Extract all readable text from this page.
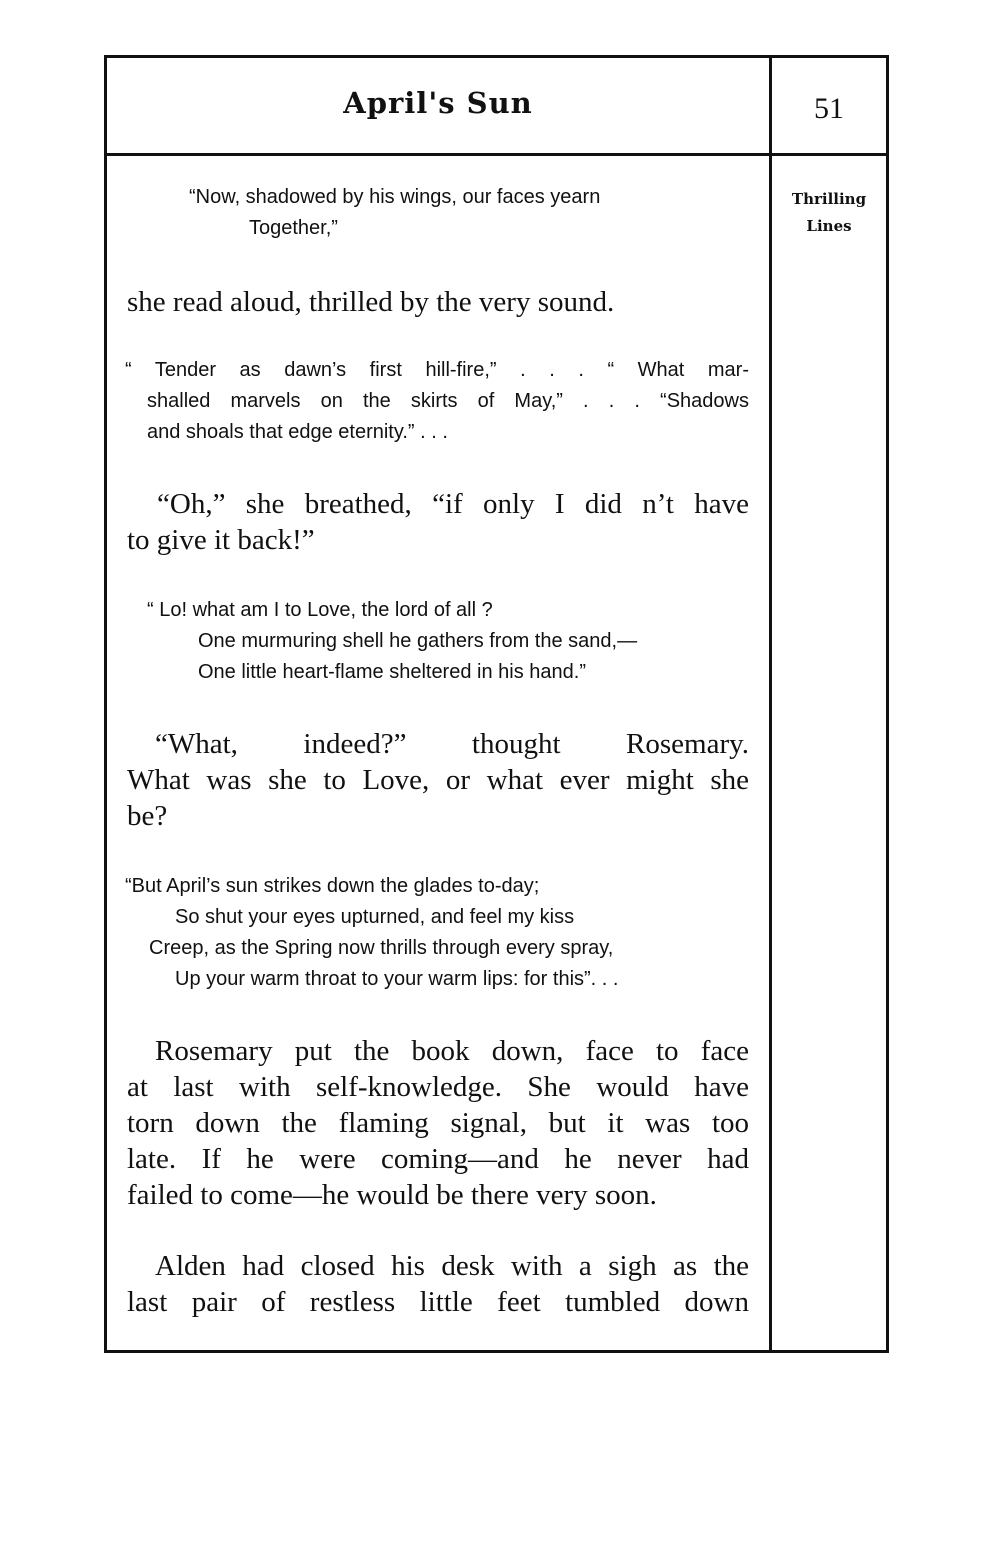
April's Sun	51
Thrilling
Lines
“Now, shadowed by his wings, our faces yearn
Together,”
she read aloud, thrilled by the very sound.
“ Tender as dawn’s first hill-fire,” . . . “ What mar-
shalled marvels on the skirts of May,” . . . “Shadows
and shoals that edge eternity.” . . .
“Oh,” she breathed, “if only I did n’t have
to give it back!”
“ Lo! what am I to Love, the lord of all ?
One murmuring shell he gathers from the sand,—
One little heart-flame sheltered in his hand.”
“What, indeed?” thought Rosemary.
What was she to Love, or what ever might she
be?
“But April’s sun strikes down the glades to-day;
So shut your eyes upturned, and feel my kiss
Creep, as the Spring now thrills through every spray,
Up your warm throat to your warm lips: for this”. . .
Rosemary put the book down, face to face
at last with self-knowledge. She would have
torn down the flaming signal, but it was too
late. If he were coming—and he never had
failed to come—he would be there very soon.
Alden had closed his desk with a sigh as the
last pair of restless little feet tumbled down
